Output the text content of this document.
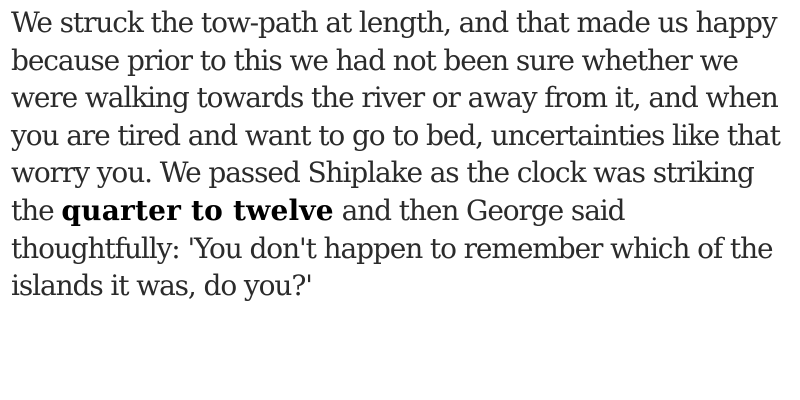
We struck the tow-path at length, and that made us happy
because prior to this we had not been sure whether we
were walking towards the river or away from it, and when
you are tired and want to go to bed, uncertainties like that
worry you. We passed Shiplake as the clock was striking
the quarter to twelve and then George said
thoughtfully: 'You don't happen to remember which of the
islands it was, do you?'
